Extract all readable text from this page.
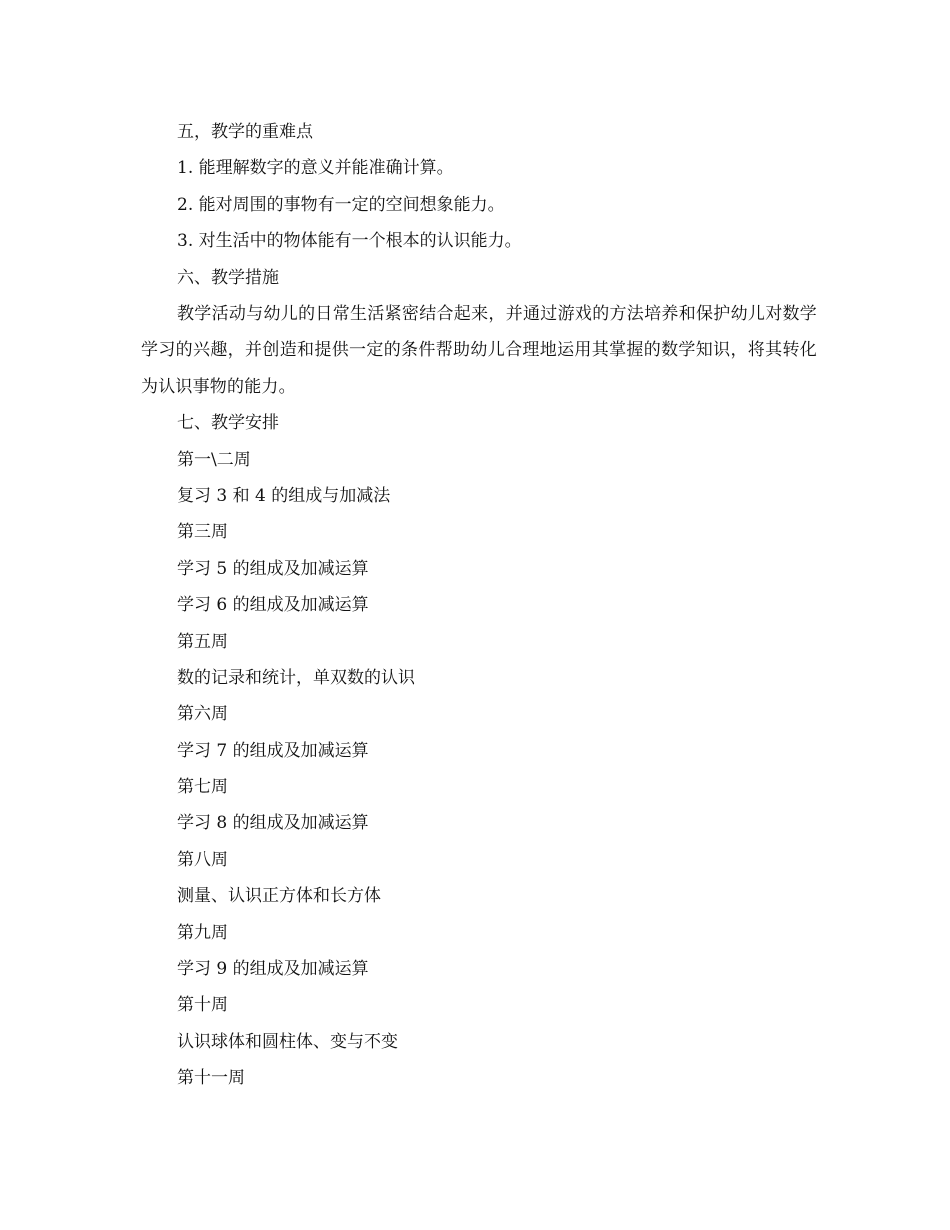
五，教学的重难点
1. 能理解数字的意义并能准确计算。
2. 能对周围的事物有一定的空间想象能力。
3. 对生活中的物体能有一个根本的认识能力。
六、教学措施
教学活动与幼儿的日常生活紧密结合起来，并通过游戏的方法培养和保护幼儿对数学学习的兴趣，并创造和提供一定的条件帮助幼儿合理地运用其掌握的数学知识，将其转化为认识事物的能力。
七、教学安排
第一\二周
复习 3 和 4 的组成与加减法
第三周
学习 5 的组成及加减运算
学习 6 的组成及加减运算
第五周
数的记录和统计，单双数的认识
第六周
学习 7 的组成及加减运算
第七周
学习 8 的组成及加减运算
第八周
测量、认识正方体和长方体
第九周
学习 9 的组成及加减运算
第十周
认识球体和圆柱体、变与不变
第十一周
